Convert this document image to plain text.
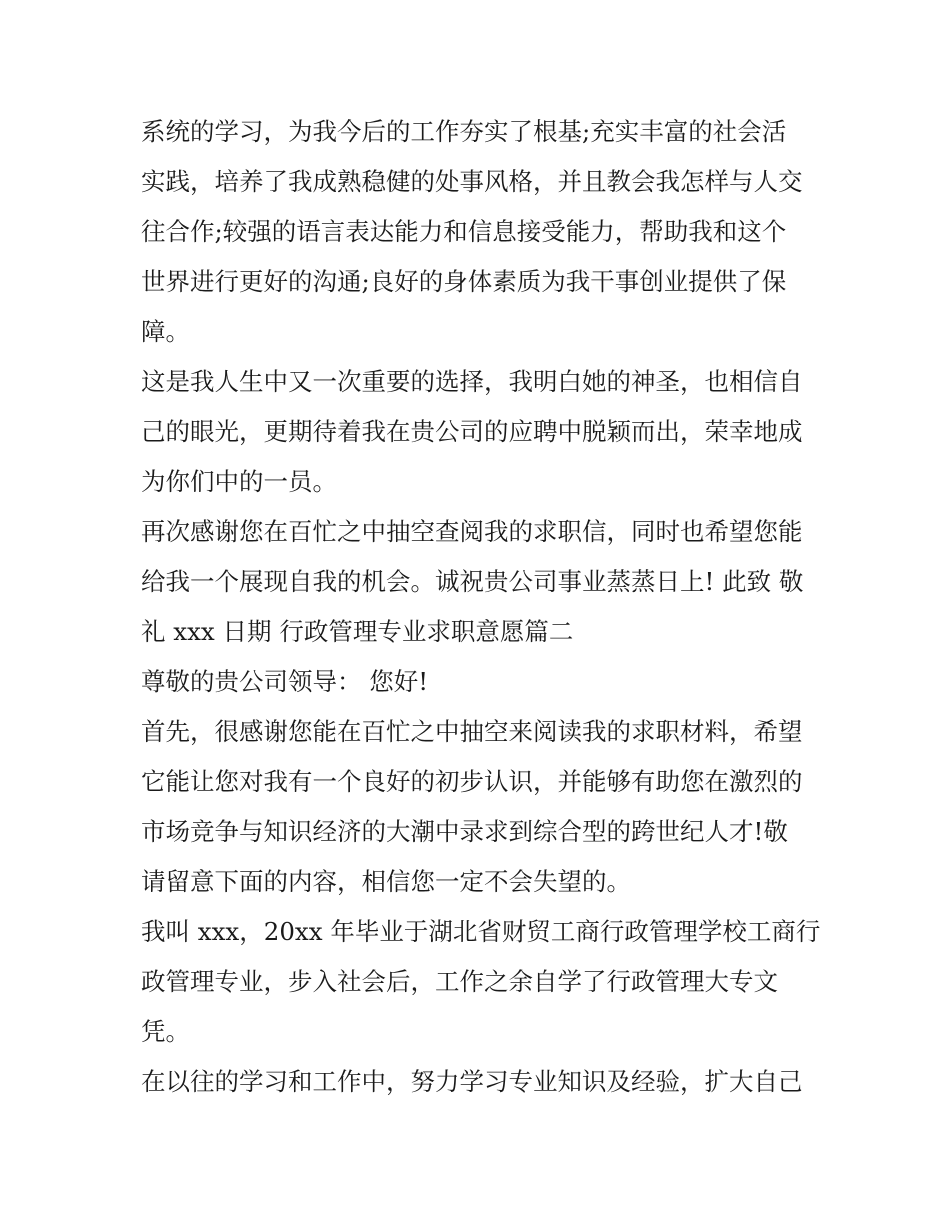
系统的学习，为我今后的工作夯实了根基;充实丰富的社会活
实践，培养了我成熟稳健的处事风格，并且教会我怎样与人交
往合作;较强的语言表达能力和信息接受能力，帮助我和这个
世界进行更好的沟通;良好的身体素质为我干事创业提供了保
障。
这是我人生中又一次重要的选择，我明白她的神圣，也相信自
己的眼光，更期待着我在贵公司的应聘中脱颖而出，荣幸地成
为你们中的一员。
再次感谢您在百忙之中抽空查阅我的求职信，同时也希望您能
给我一个展现自我的机会。诚祝贵公司事业蒸蒸日上! 此致 敬
礼 xxx 日期 行政管理专业求职意愿篇二
尊敬的贵公司领导： 您好!
首先，很感谢您能在百忙之中抽空来阅读我的求职材料，希望
它能让您对我有一个良好的初步认识，并能够有助您在激烈的
市场竞争与知识经济的大潮中录求到综合型的跨世纪人才!敬
请留意下面的内容，相信您一定不会失望的。
我叫 xxx，20xx 年毕业于湖北省财贸工商行政管理学校工商行
政管理专业，步入社会后，工作之余自学了行政管理大专文
凭。
在以往的学习和工作中，努力学习专业知识及经验，扩大自己
